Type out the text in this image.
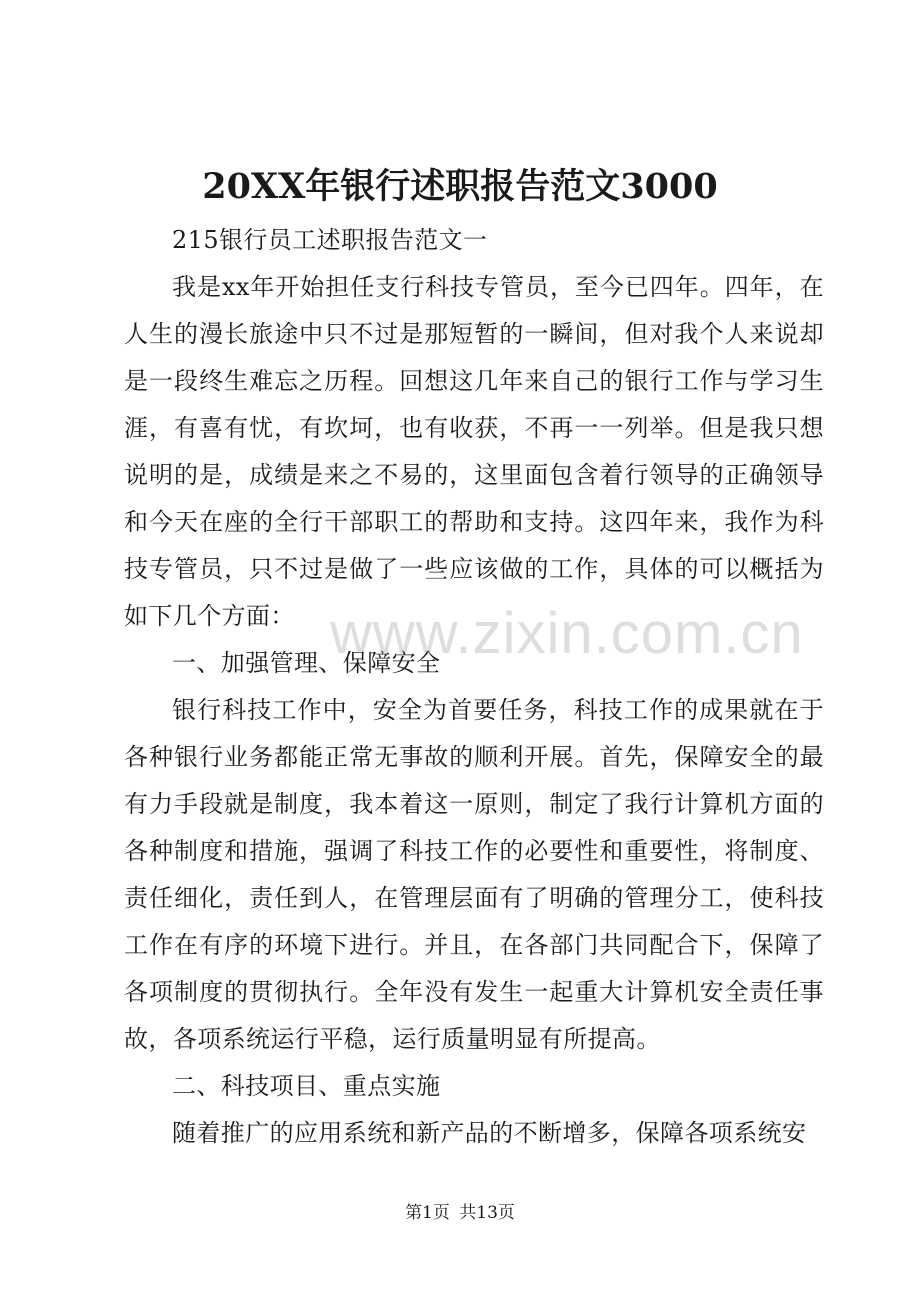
20XX年银行述职报告范文3000

215银行员工述职报告范文一

我是xx年开始担任支行科技专管员，至今已四年。四年，在人生的漫长旅途中只不过是那短暂的一瞬间，但对我个人来说却是一段终生难忘之历程。回想这几年来自己的银行工作与学习生涯，有喜有忧，有坎坷，也有收获，不再一一列举。但是我只想说明的是，成绩是来之不易的，这里面包含着行领导的正确领导和今天在座的全行干部职工的帮助和支持。这四年来，我作为科技专管员，只不过是做了一些应该做的工作，具体的可以概括为如下几个方面：

一、加强管理、保障安全

银行科技工作中，安全为首要任务，科技工作的成果就在于各种银行业务都能正常无事故的顺利开展。首先，保障安全的最有力手段就是制度，我本着这一原则，制定了我行计算机方面的各种制度和措施，强调了科技工作的必要性和重要性，将制度、责任细化，责任到人，在管理层面有了明确的管理分工，使科技工作在有序的环境下进行。并且，在各部门共同配合下，保障了各项制度的贯彻执行。全年没有发生一起重大计算机安全责任事故，各项系统运行平稳，运行质量明显有所提高。

二、科技项目、重点实施

随着推广的应用系统和新产品的不断增多，保障各项系统安

www.zixin.com.cn
第1页 共13页
